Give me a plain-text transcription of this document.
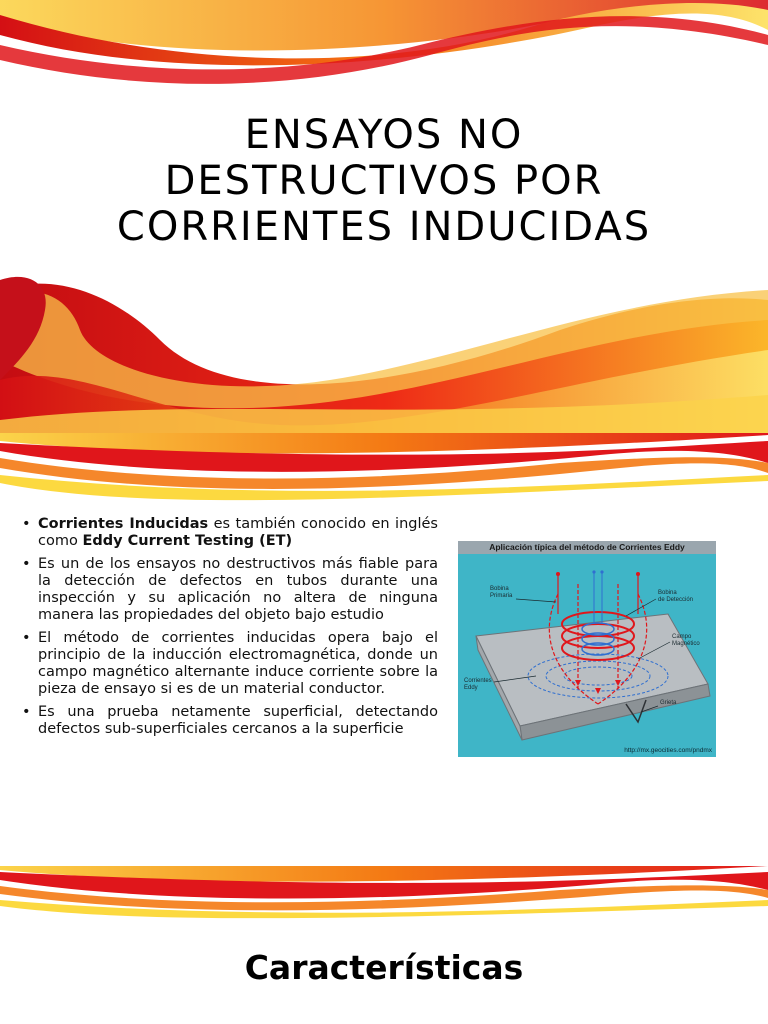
ENSAYOS NO
DESTRUCTIVOS POR
CORRIENTES INDUCIDAS
• Corrientes Inducidas es también conocido en inglés como Eddy Current Testing (ET)
• Es un de los ensayos no destructivos más fiable para la detección de defectos en tubos durante una inspección y su aplicación no altera de ninguna manera las propiedades del objeto bajo estudio
• El método de corrientes inducidas opera bajo el principio de la inducción electromagnética, donde un campo magnético alternante induce corriente sobre la pieza de ensayo si es de un material conductor.
• Es una prueba netamente superficial, detectando defectos sub-superficiales cercanos a la superficie
Aplicación típica del método de Corrientes Eddy
Bobina
Primaria	Bobina
de Detección
Campo
Magnético
Corrientes
Eddy
Grieta
http://mx.geocities.com/pndmx
Características
